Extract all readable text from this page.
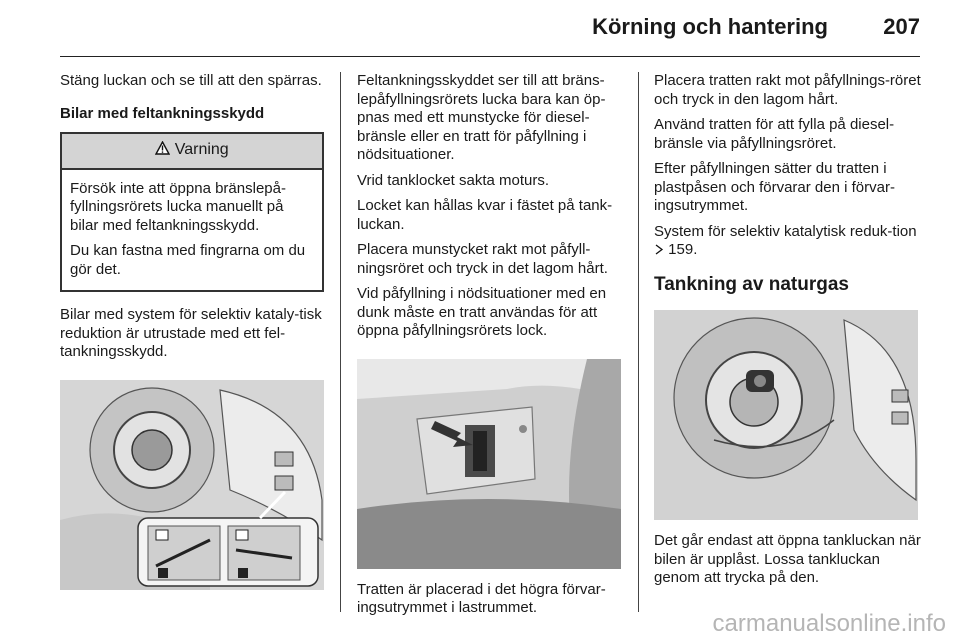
Körning och hantering	207

Stäng luckan och se till att den spärras.

Bilar med feltankningsskydd
Varning

Försök inte att öppna bränslepå-fyllningsrörets lucka manuellt på bilar med feltankningsskydd.

Du kan fastna med fingrarna om du gör det.

Bilar med system för selektiv kataly-tisk reduktion är utrustade med ett fel-tankningsskydd.

Feltankningsskyddet ser till att bräns-lepåfyllningsrörets lucka bara kan öp-pnas med ett munstycke för diesel-bränsle eller en tratt för påfyllning i nödsituationer.

Vrid tanklocket sakta moturs.

Locket kan hållas kvar i fästet på tank-luckan.

Placera munstycket rakt mot påfyll-ningsröret och tryck in det lagom hårt.

Vid påfyllning i nödsituationer med en dunk måste en tratt användas för att öppna påfyllningsrörets lock.

Tratten är placerad i det högra förvar-ingsutrymmet i lastrummet.

Placera tratten rakt mot påfyllnings-röret och tryck in den lagom hårt.

Använd tratten för att fylla på diesel-bränsle via påfyllningsröret.

Efter påfyllningen sätter du tratten i plastpåsen och förvarar den i förvar-ingsutrymmet.

System för selektiv katalytisk reduk-tion  159.

Tankning av naturgas

Det går endast att öppna tankluckan när bilen är upplåst. Lossa tankluckan genom att trycka på den.

carmanualsonline.info
